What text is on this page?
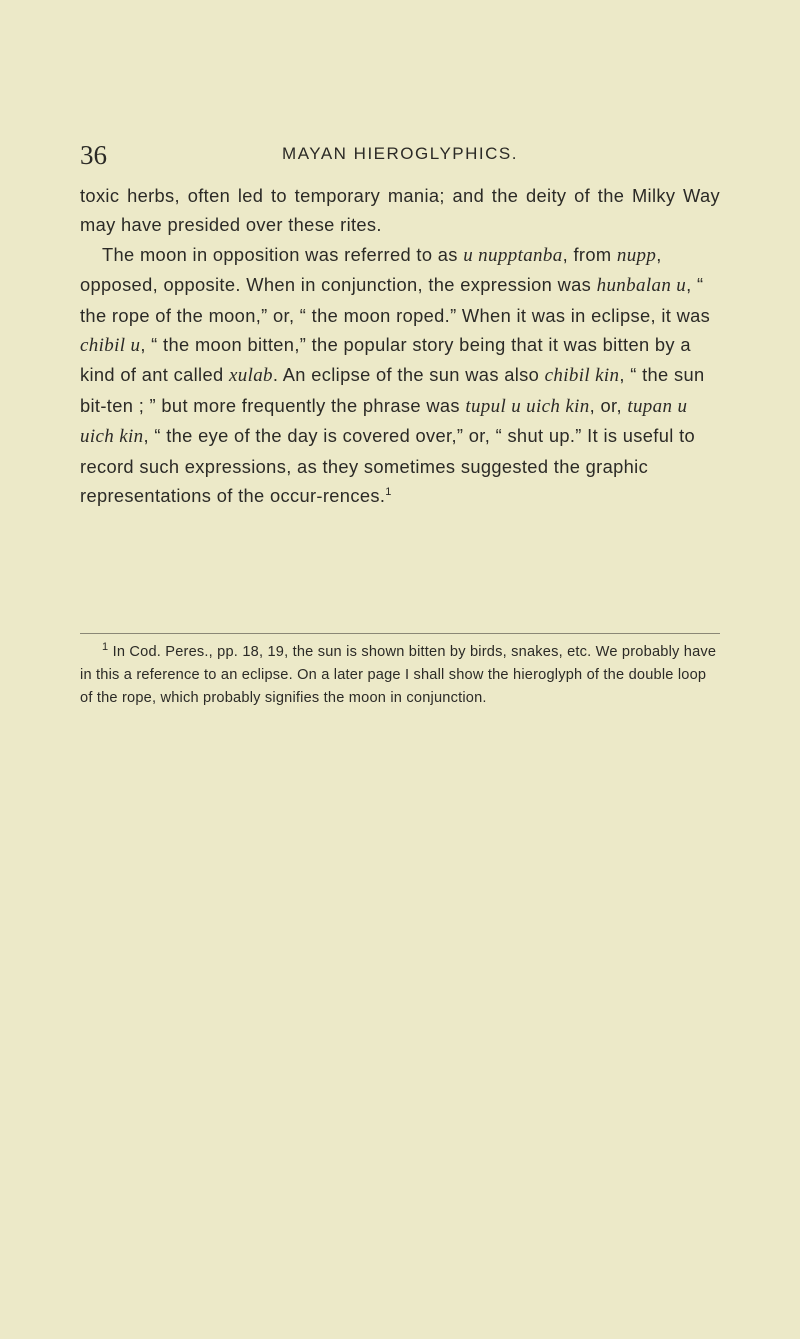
36	MAYAN HIEROGLYPHICS.

toxic herbs, often led to temporary mania; and the deity of the Milky Way may have presided over these rites.

The moon in opposition was referred to as u nupptanba, from nupp, opposed, opposite. When in conjunction, the expression was hunbalan u, “ the rope of the moon,” or, “ the moon roped.” When it was in eclipse, it was chibil u, “ the moon bitten,” the popular story being that it was bitten by a kind of ant called xulab. An eclipse of the sun was also chibil kin, “ the sun bit-ten ; ” but more frequently the phrase was tupul u uich kin, or, tupan u uich kin, “ the eye of the day is covered over,” or, “ shut up.” It is useful to record such expressions, as they sometimes suggested the graphic representations of the occur-rences.$^1$

$^1$ In Cod. Peres., pp. 18, 19, the sun is shown bitten by birds, snakes, etc. We probably have in this a reference to an eclipse. On a later page I shall show the hieroglyph of the double loop of the rope, which probably signifies the moon in conjunction.
